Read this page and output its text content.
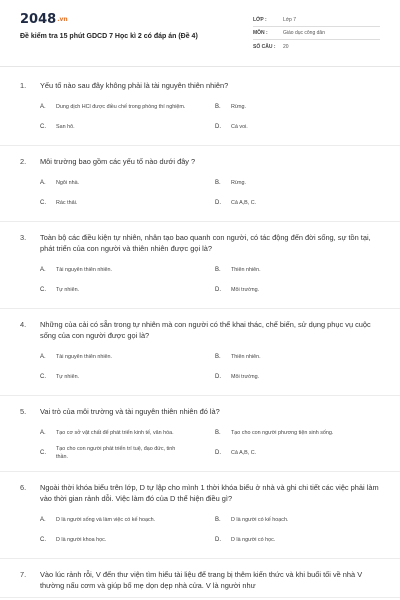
2048.vn
Đề kiểm tra 15 phút GDCD 7 Học kì 2 có đáp án (Đề 4)
LỚP :	Lớp 7
MÔN :	Giáo dục công dân
SỐ CÂU :	20
1. Yếu tố nào sau đây không phải là tài nguyên thiên nhiên?
A. Dung dịch HCl được điều chế trong phòng thí nghiệm.	B. Rừng.
C. San hô.	D. Cá voi.
2. Môi trường bao gồm các yếu tố nào dưới đây ?
A. Ngôi nhà.	B. Rừng.
C. Rác thải.	D. Cả A,B, C.
3. Toàn bộ các điều kiện tự nhiên, nhân tạo bao quanh con người, có tác động đến đời sống, sự tồn tại, phát triển của con người và thiên nhiên được gọi là?
A. Tài nguyên thiên nhiên.	B. Thiên nhiên.
C. Tự nhiên.	D. Môi trường.
4. Những của cải có sẵn trong tự nhiên mà con người có thể khai thác, chế biến, sử dụng phục vụ cuộc sống của con người được gọi là?
A. Tài nguyên thiên nhiên.	B. Thiên nhiên.
C. Tự nhiên.	D. Môi trường.
5. Vai trò của môi trường và tài nguyên thiên nhiên đó là?
A. Tạo cơ sở vật chất để phát triển kinh tế, văn hóa.	B. Tạo cho con người phương tiện sinh sống.
C.
Tạo cho con người phát triển trí tuệ, đạo đức, tinh thần.
D. Cả A,B, C.
6. Ngoài thời khóa biểu trên lớp, D tự lập cho mình 1 thời khóa biểu ở nhà và ghi chi tiết các việc phải làm vào thời gian rảnh dỗi. Việc làm đó của D thể hiện điều gì?
A. D là người sống và làm việc có kế hoạch.	B. D là người có kế hoạch.
C. D là người khoa học.	D. D là người có học.
7. Vào lúc rảnh rỗi, V đến thư viện tìm hiểu tài liệu để trang bị thêm kiến thức và khi buổi tối về nhà V thường nấu cơm và giúp bố mẹ dọn dẹp nhà cửa. V là người như
